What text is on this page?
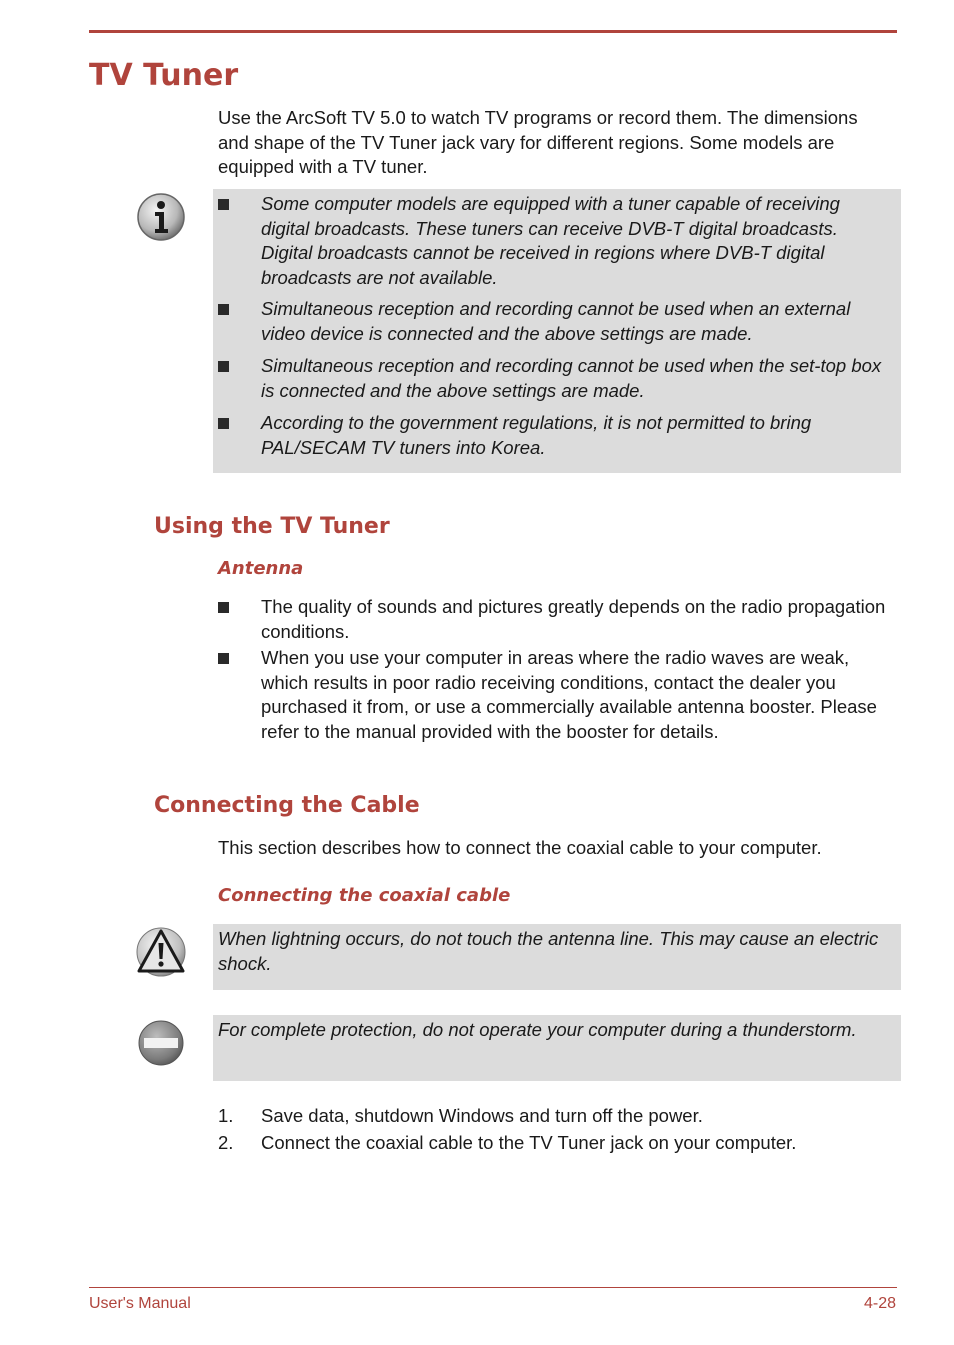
TV Tuner
Use the ArcSoft TV 5.0 to watch TV programs or record them. The dimensions and shape of the TV Tuner jack vary for different regions. Some models are equipped with a TV tuner.
Some computer models are equipped with a tuner capable of receiving digital broadcasts. These tuners can receive DVB-T digital broadcasts. Digital broadcasts cannot be received in regions where DVB-T digital broadcasts are not available.
Simultaneous reception and recording cannot be used when an external video device is connected and the above settings are made.
Simultaneous reception and recording cannot be used when the set-top box is connected and the above settings are made.
According to the government regulations, it is not permitted to bring PAL/SECAM TV tuners into Korea.
Using the TV Tuner
Antenna
The quality of sounds and pictures greatly depends on the radio propagation conditions.
When you use your computer in areas where the radio waves are weak, which results in poor radio receiving conditions, contact the dealer you purchased it from, or use a commercially available antenna booster. Please refer to the manual provided with the booster for details.
Connecting the Cable
This section describes how to connect the coaxial cable to your computer.
Connecting the coaxial cable
When lightning occurs, do not touch the antenna line. This may cause an electric shock.
For complete protection, do not operate your computer during a thunderstorm.
1. Save data, shutdown Windows and turn off the power.
2. Connect the coaxial cable to the TV Tuner jack on your computer.
User's Manual	4-28
